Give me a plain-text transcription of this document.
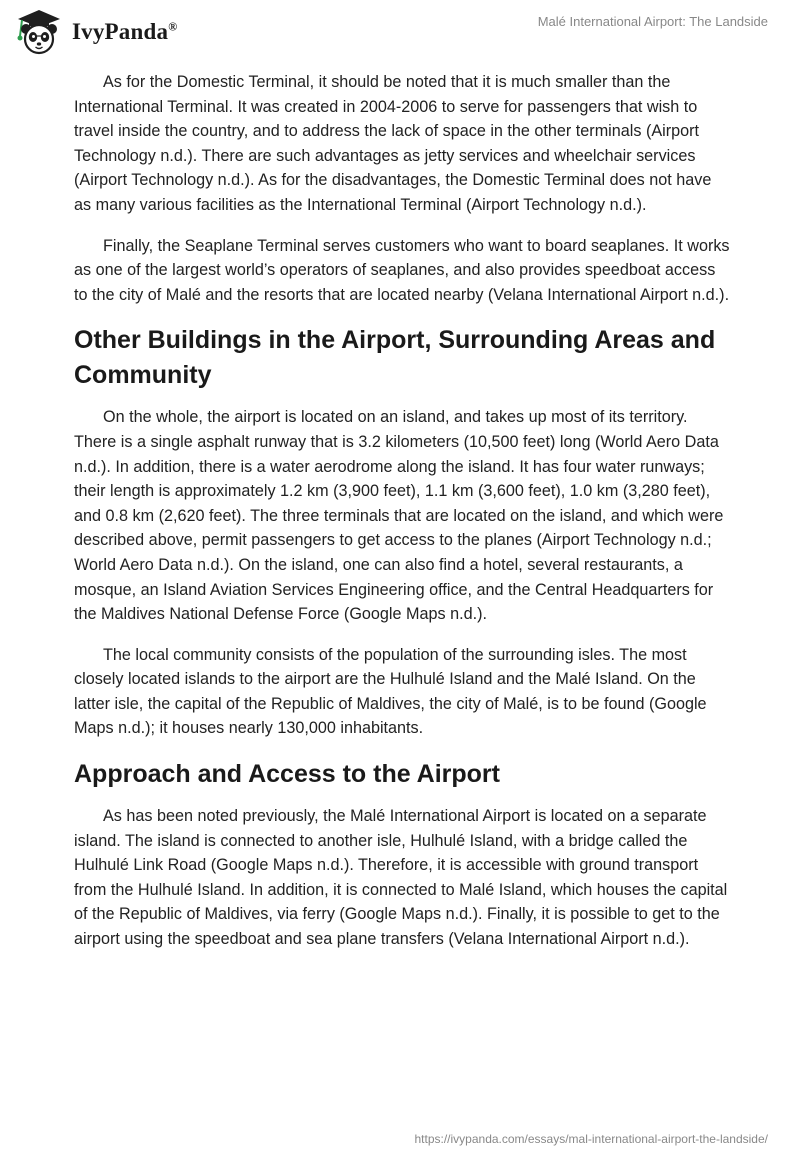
IvyPanda®	Malé International Airport: The Landside

As for the Domestic Terminal, it should be noted that it is much smaller than the International Terminal. It was created in 2004-2006 to serve for passengers that wish to travel inside the country, and to address the lack of space in the other terminals (Airport Technology n.d.). There are such advantages as jetty services and wheelchair services (Airport Technology n.d.). As for the disadvantages, the Domestic Terminal does not have as many various facilities as the International Terminal (Airport Technology n.d.).

Finally, the Seaplane Terminal serves customers who want to board seaplanes. It works as one of the largest world’s operators of seaplanes, and also provides speedboat access to the city of Malé and the resorts that are located nearby (Velana International Airport n.d.).

Other Buildings in the Airport, Surrounding Areas and Community

On the whole, the airport is located on an island, and takes up most of its territory. There is a single asphalt runway that is 3.2 kilometers (10,500 feet) long (World Aero Data n.d.). In addition, there is a water aerodrome along the island. It has four water runways; their length is approximately 1.2 km (3,900 feet), 1.1 km (3,600 feet), 1.0 km (3,280 feet), and 0.8 km (2,620 feet). The three terminals that are located on the island, and which were described above, permit passengers to get access to the planes (Airport Technology n.d.; World Aero Data n.d.). On the island, one can also find a hotel, several restaurants, a mosque, an Island Aviation Services Engineering office, and the Central Headquarters for the Maldives National Defense Force (Google Maps n.d.).

The local community consists of the population of the surrounding isles. The most closely located islands to the airport are the Hulhulé Island and the Malé Island. On the latter isle, the capital of the Republic of Maldives, the city of Malé, is to be found (Google Maps n.d.); it houses nearly 130,000 inhabitants.

Approach and Access to the Airport

As has been noted previously, the Malé International Airport is located on a separate island. The island is connected to another isle, Hulhulé Island, with a bridge called the Hulhulé Link Road (Google Maps n.d.). Therefore, it is accessible with ground transport from the Hulhulé Island. In addition, it is connected to Malé Island, which houses the capital of the Republic of Maldives, via ferry (Google Maps n.d.). Finally, it is possible to get to the airport using the speedboat and sea plane transfers (Velana International Airport n.d.).

https://ivypanda.com/essays/mal-international-airport-the-landside/
